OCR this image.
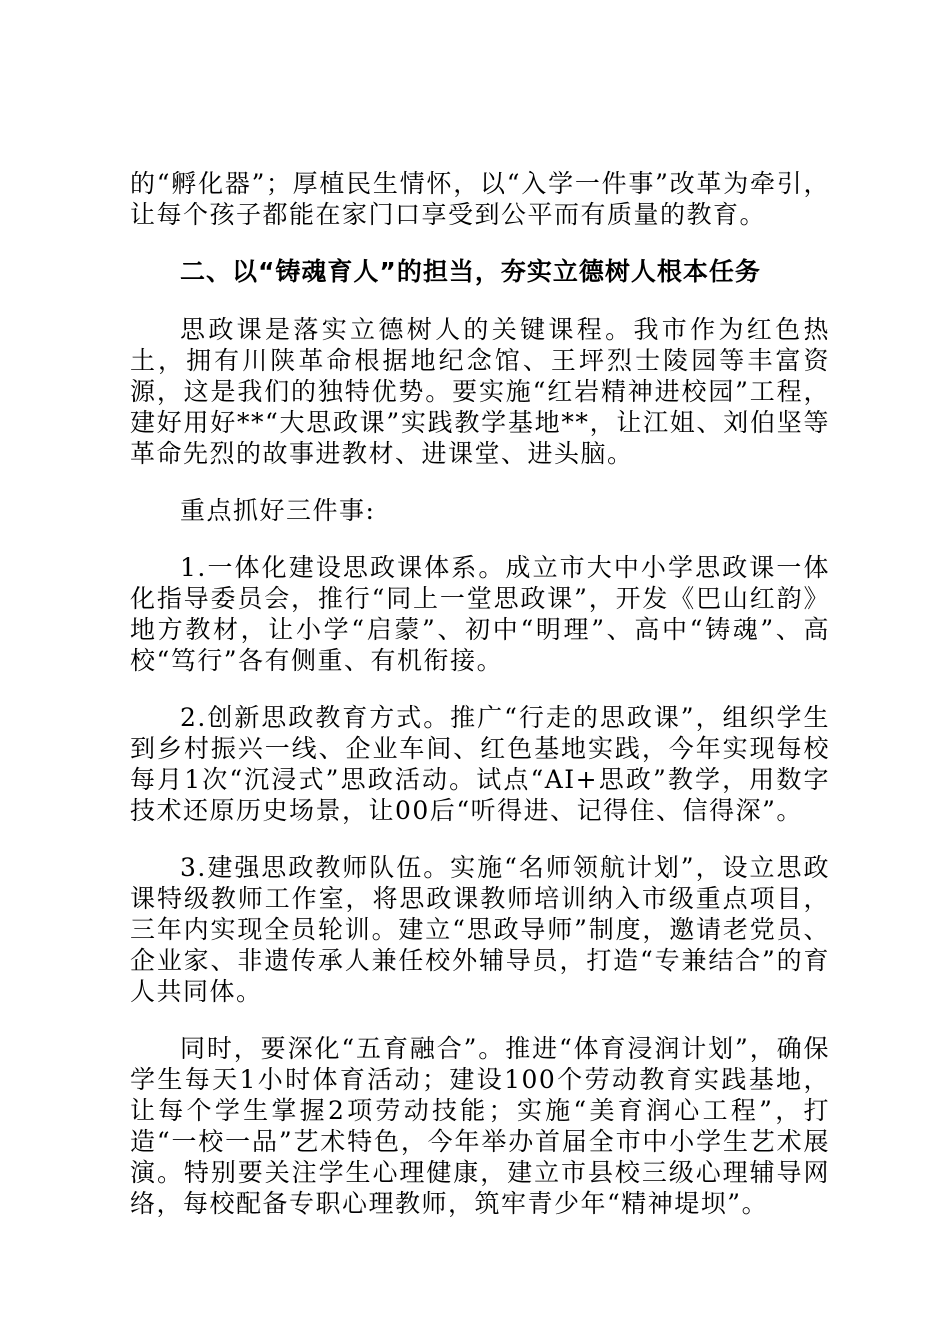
的“孵化器”；厚植民生情怀，以“入学一件事”改革为牵引，让每个孩子都能在家门口享受到公平而有质量的教育。

二、以“铸魂育人”的担当，夯实立德树人根本任务

思政课是落实立德树人的关键课程。我市作为红色热土，拥有川陕革命根据地纪念馆、王坪烈士陵园等丰富资源，这是我们的独特优势。要实施“红岩精神进校园”工程，建好用好**“大思政课”实践教学基地**，让江姐、刘伯坚等革命先烈的故事进教材、进课堂、进头脑。

重点抓好三件事:

1.一体化建设思政课体系。成立市大中小学思政课一体化指导委员会，推行“同上一堂思政课”，开发《巴山红韵》地方教材，让小学“启蒙”、初中“明理”、高中“铸魂”、高校“笃行”各有侧重、有机衔接。

2.创新思政教育方式。推广“行走的思政课”，组织学生到乡村振兴一线、企业车间、红色基地实践，今年实现每校每月1次“沉浸式”思政活动。试点“AI+思政”教学，用数字技术还原历史场景，让00后“听得进、记得住、信得深”。

3.建强思政教师队伍。实施“名师领航计划”，设立思政课特级教师工作室，将思政课教师培训纳入市级重点项目，三年内实现全员轮训。建立“思政导师”制度，邀请老党员、企业家、非遗传承人兼任校外辅导员，打造“专兼结合”的育人共同体。

同时，要深化“五育融合”。推进“体育浸润计划”，确保学生每天1小时体育活动；建设100个劳动教育实践基地，让每个学生掌握2项劳动技能；实施“美育润心工程”，打造“一校一品”艺术特色，今年举办首届全市中小学生艺术展演。特别要关注学生心理健康，建立市县校三级心理辅导网络，每校配备专职心理教师，筑牢青少年“精神堤坝”。
